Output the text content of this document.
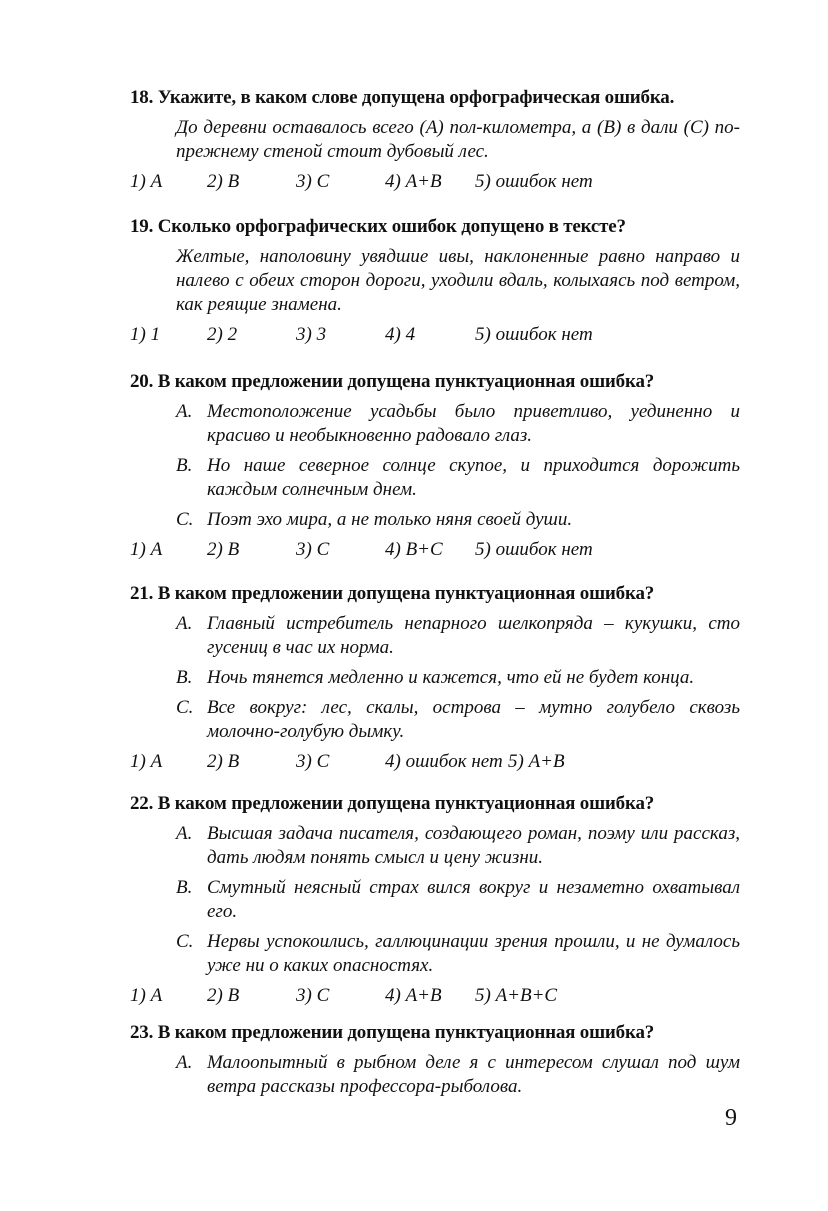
18. Укажите, в каком слове допущена орфографическая ошибка.
До деревни оставалось всего (А) пол-километра, а (В) в дали (С) по-прежнему стеной стоит дубовый лес.
1) А	2) В	3) С	4) А+В	5) ошибок нет
19. Сколько орфографических ошибок допущено в тексте?
Желтые, наполовину увядшие ивы, наклоненные равно направо и налево с обеих сторон дороги, уходили вдаль, колыхаясь под ветром, как реящие знамена.
1) 1	2) 2	3) 3	4) 4	5) ошибок нет
20. В каком предложении допущена пунктуационная ошибка?
А. Местоположение усадьбы было приветливо, уединенно и красиво и необыкновенно радовало глаз.
В. Но наше северное солнце скупое, и приходится дорожить каждым солнечным днем.
С. Поэт эхо мира, а не только няня своей души.
1) А	2) В	3) С	4) В+С	5) ошибок нет
21. В каком предложении допущена пунктуационная ошибка?
А. Главный истребитель непарного шелкопряда – кукушки, сто гусениц в час их норма.
В. Ночь тянется медленно и кажется, что ей не будет конца.
С. Все вокруг: лес, скалы, острова – мутно голубело сквозь молочно-голубую дымку.
1) А	2) В	3) С	4) ошибок нет 5) А+В
22. В каком предложении допущена пунктуационная ошибка?
А. Высшая задача писателя, создающего роман, поэму или рассказ, дать людям понять смысл и цену жизни.
В. Смутный неясный страх вился вокруг и незаметно охватывал его.
С. Нервы успокоились, галлюцинации зрения прошли, и не думалось уже ни о каких опасностях.
1) А	2) В	3) С	4) А+В	5) А+В+С
23. В каком предложении допущена пунктуационная ошибка?
А. Малоопытный в рыбном деле я с интересом слушал под шум ветра рассказы профессора-рыболова.
9
